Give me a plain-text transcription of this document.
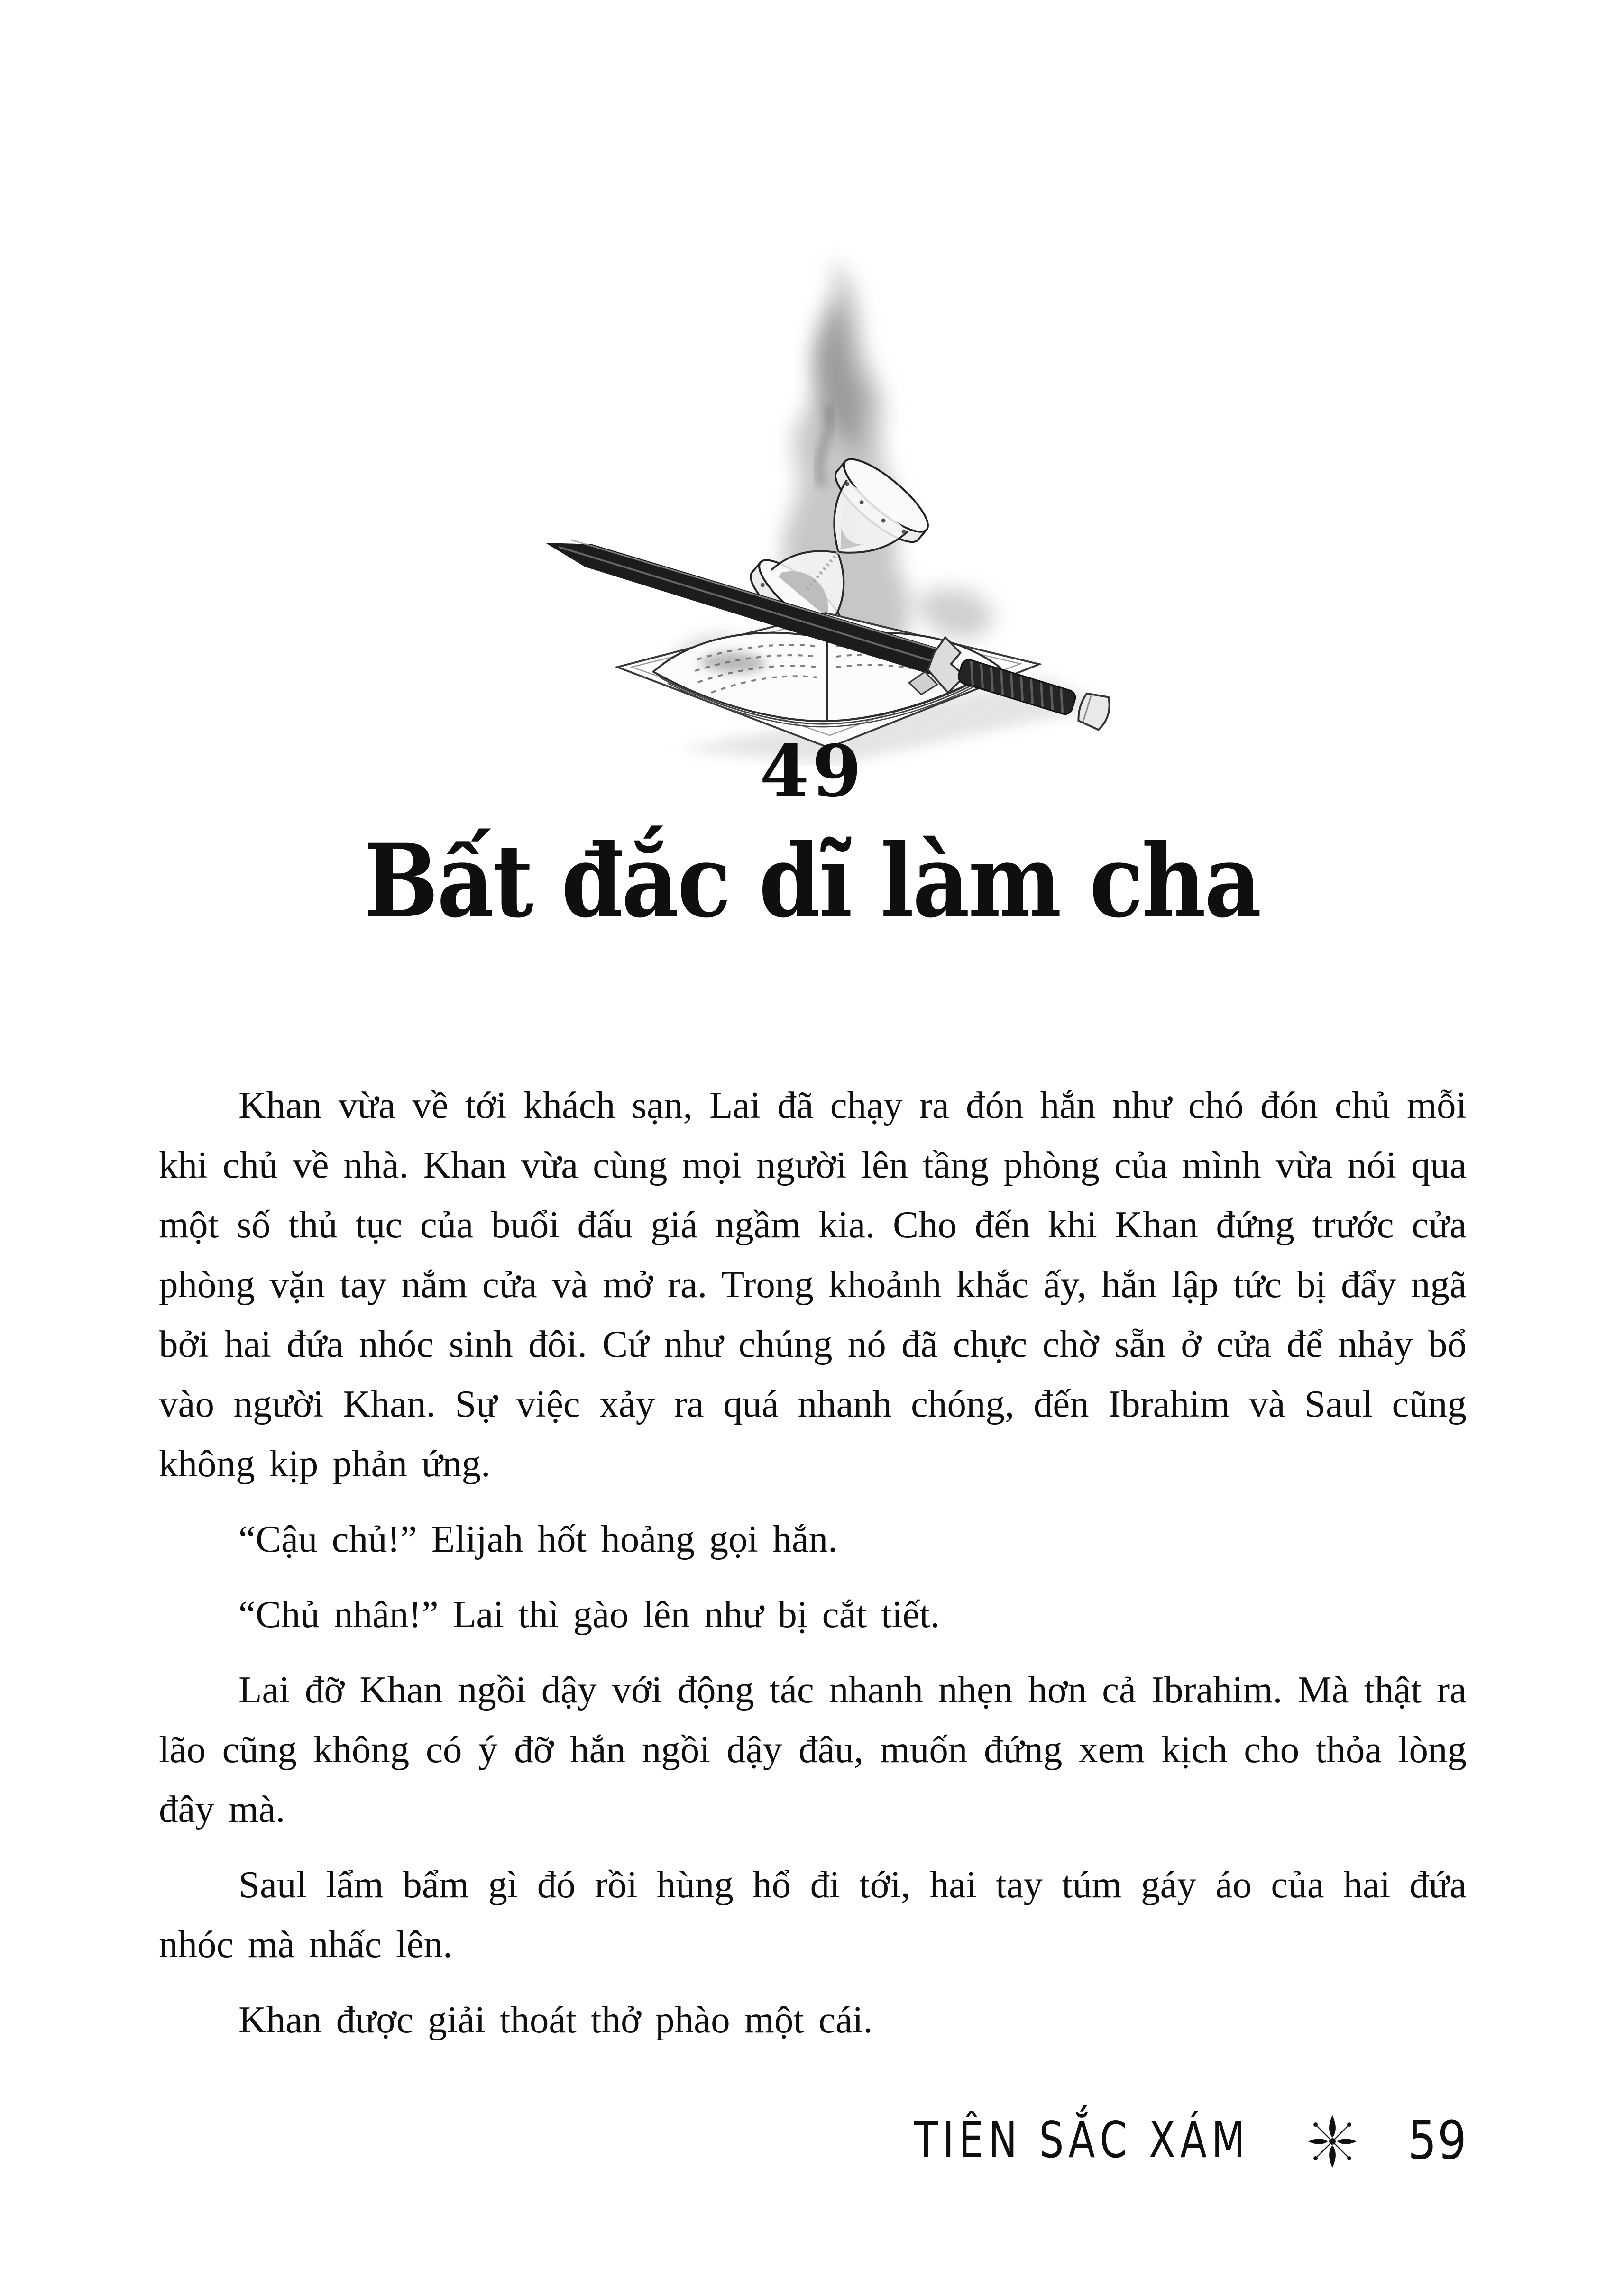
49
Bất đắc dĩ làm cha

Khan vừa về tới khách sạn, Lai đã chạy ra đón hắn như chó đón chủ mỗi khi chủ về nhà. Khan vừa cùng mọi người lên tầng phòng của mình vừa nói qua một số thủ tục của buổi đấu giá ngầm kia. Cho đến khi Khan đứng trước cửa phòng vặn tay nắm cửa và mở ra. Trong khoảnh khắc ấy, hắn lập tức bị đẩy ngã bởi hai đứa nhóc sinh đôi. Cứ như chúng nó đã chực chờ sẵn ở cửa để nhảy bổ vào người Khan. Sự việc xảy ra quá nhanh chóng, đến Ibrahim và Saul cũng không kịp phản ứng.

“Cậu chủ!” Elijah hốt hoảng gọi hắn.

“Chủ nhân!” Lai thì gào lên như bị cắt tiết.

Lai đỡ Khan ngồi dậy với động tác nhanh nhẹn hơn cả Ibrahim. Mà thật ra lão cũng không có ý đỡ hắn ngồi dậy đâu, muốn đứng xem kịch cho thỏa lòng đây mà.

Saul lẩm bẩm gì đó rồi hùng hổ đi tới, hai tay túm gáy áo của hai đứa nhóc mà nhấc lên.

Khan được giải thoát thở phào một cái.

TIÊN SẮC XÁM	59
